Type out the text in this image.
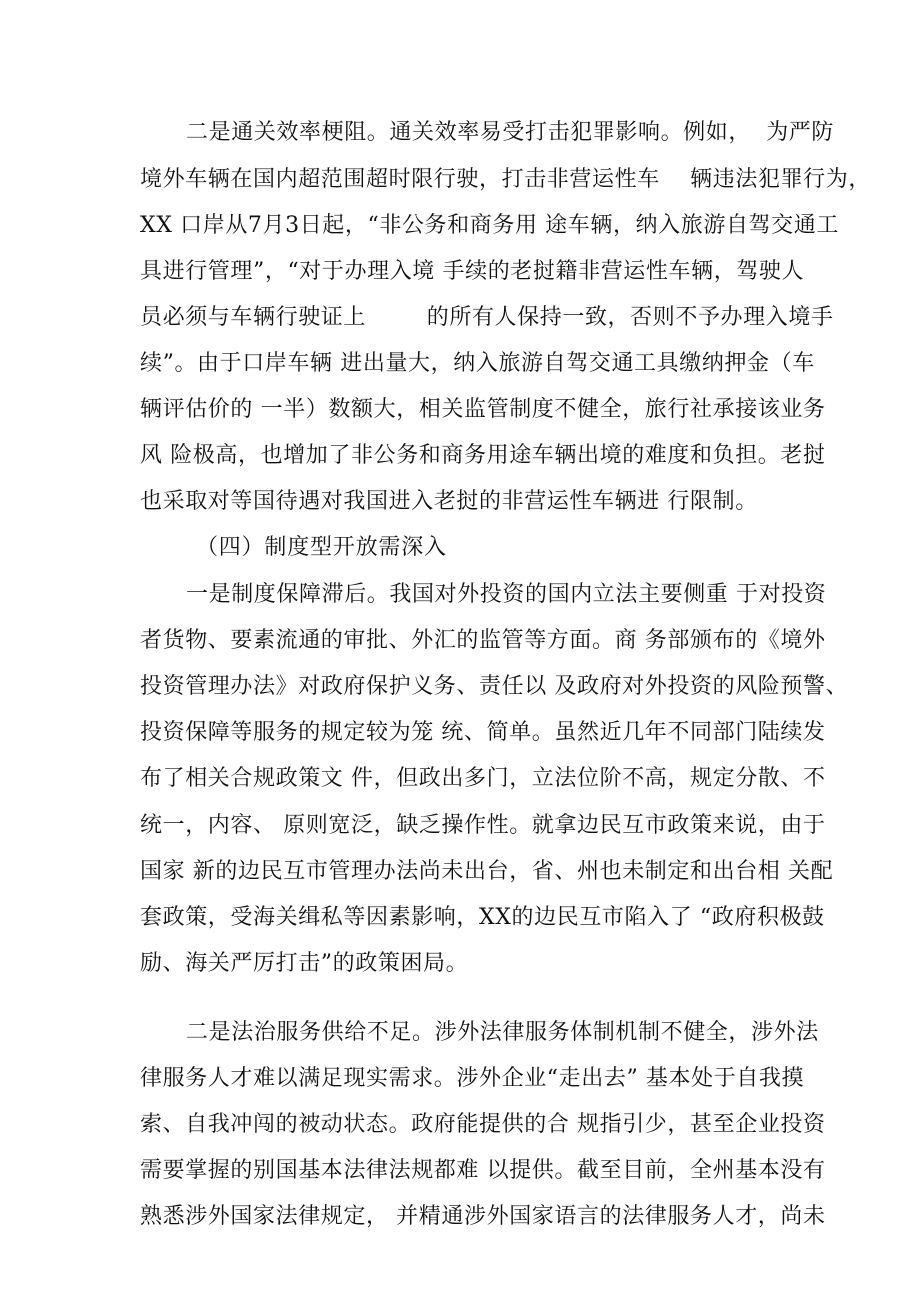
二是通关效率梗阻。通关效率易受打击犯罪影响。例如，  为严防
境外车辆在国内超范围超时限行驶，打击非营运性车    辆违法犯罪行为，
XX 口岸从7月3日起，“非公务和商务用 途车辆，纳入旅游自驾交通工
具进行管理”，“对于办理入境 手续的老挝籍非营运性车辆，驾驶人
员必须与车辆行驶证上        的所有人保持一致，否则不予办理入境手
续”。由于口岸车辆 进出量大，纳入旅游自驾交通工具缴纳押金（车
辆评估价的 一半）数额大，相关监管制度不健全，旅行社承接该业务
风 险极高，也增加了非公务和商务用途车辆出境的难度和负担。老挝
也采取对等国待遇对我国进入老挝的非营运性车辆进 行限制。
（四）制度型开放需深入
一是制度保障滞后。我国对外投资的国内立法主要侧重 于对投资
者货物、要素流通的审批、外汇的监管等方面。商 务部颁布的《境外
投资管理办法》对政府保护义务、责任以 及政府对外投资的风险预警、
投资保障等服务的规定较为笼 统、简单。虽然近几年不同部门陆续发
布了相关合规政策文 件，但政出多门，立法位阶不高，规定分散、不
统一，内容、 原则宽泛，缺乏操作性。就拿边民互市政策来说，由于
国家 新的边民互市管理办法尚未出台，省、州也未制定和出台相 关配
套政策，受海关缉私等因素影响，XX的边民互市陷入了 “政府积极鼓
励、海关严厉打击”的政策困局。
二是法治服务供给不足。涉外法律服务体制机制不健全，涉外法
律服务人才难以满足现实需求。涉外企业“走出去” 基本处于自我摸
索、自我冲闯的被动状态。政府能提供的合 规指引少，甚至企业投资
需要掌握的别国基本法律法规都难 以提供。截至目前，全州基本没有
熟悉涉外国家法律规定， 并精通涉外国家语言的法律服务人才，尚未
